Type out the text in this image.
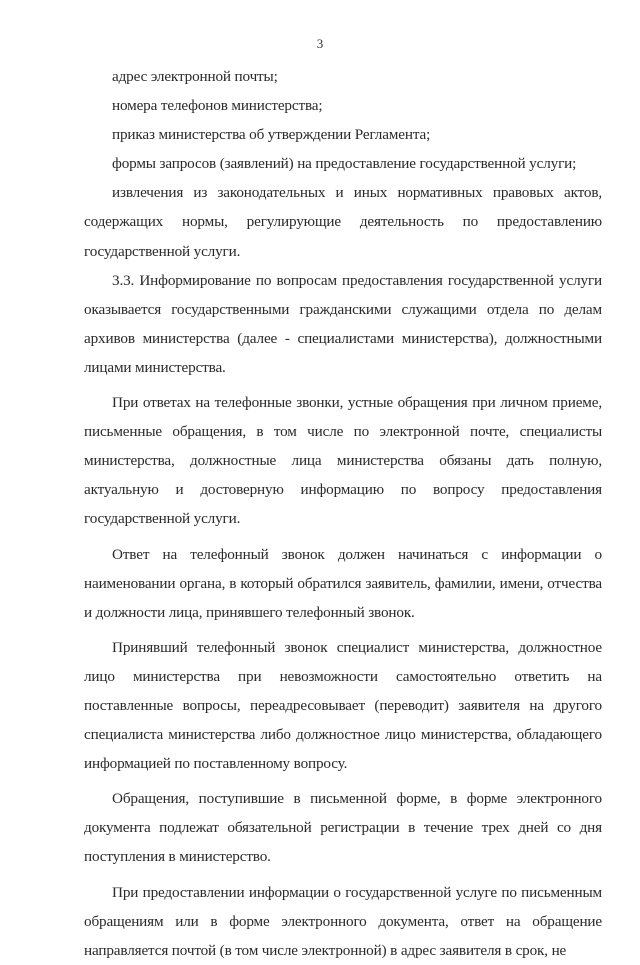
3

адрес электронной почты;

номера телефонов министерства;

приказ министерства об утверждении Регламента;

формы запросов (заявлений) на предоставление государственной услуги;

извлечения из законодательных и иных нормативных правовых актов, содержащих нормы, регулирующие деятельность по предоставлению государственной услуги.

3.3. Информирование по вопросам предоставления государственной услуги оказывается государственными гражданскими служащими отдела по делам архивов министерства (далее - специалистами министерства), должностными лицами министерства.

При ответах на телефонные звонки, устные обращения при личном приеме, письменные обращения, в том числе по электронной почте, специалисты министерства, должностные лица министерства обязаны дать полную, актуальную и достоверную информацию по вопросу предоставления государственной услуги.

Ответ на телефонный звонок должен начинаться с информации о наименовании органа, в который обратился заявитель, фамилии, имени, отчества и должности лица, принявшего телефонный звонок.

Принявший телефонный звонок специалист министерства, должностное лицо министерства при невозможности самостоятельно ответить на поставленные вопросы, переадресовывает (переводит) заявителя на другого специалиста министерства либо должностное лицо министерства, обладающего информацией по поставленному вопросу.

Обращения, поступившие в письменной форме, в форме электронного документа подлежат обязательной регистрации в течение трех дней со дня поступления в министерство.

При предоставлении информации о государственной услуге по письменным обращениям или в форме электронного документа, ответ на обращение направляется почтой (в том числе электронной) в адрес заявителя в срок, не
